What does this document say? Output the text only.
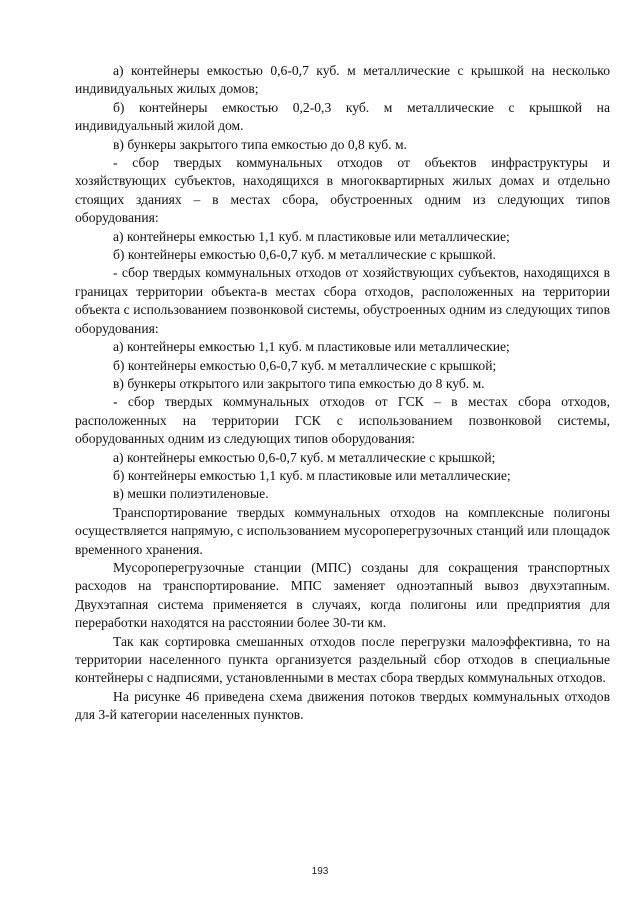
а) контейнеры емкостью 0,6-0,7 куб. м металлические с крышкой на несколько индивидуальных жилых домов;

б) контейнеры емкостью 0,2-0,3 куб. м металлические с крышкой на индивидуальный жилой дом.

в) бункеры закрытого типа емкостью до 0,8 куб. м.

- сбор твердых коммунальных отходов от объектов инфраструктуры и хозяйствующих субъектов, находящихся в многоквартирных жилых домах и отдельно стоящих зданиях – в местах сбора, обустроенных одним из следующих типов оборудования:

а) контейнеры емкостью 1,1 куб. м пластиковые или металлические;

б) контейнеры емкостью 0,6-0,7 куб. м металлические с крышкой.

- сбор твердых коммунальных отходов от хозяйствующих субъектов, находящихся в границах территории объекта-в местах сбора отходов, расположенных на территории объекта с использованием позвонковой системы, обустроенных одним из следующих типов оборудования:

а) контейнеры емкостью 1,1 куб. м пластиковые или металлические;

б) контейнеры емкостью 0,6-0,7 куб. м металлические с крышкой;

в) бункеры открытого или закрытого типа емкостью до 8 куб. м.

- сбор твердых коммунальных отходов от ГСК – в местах сбора отходов, расположенных на территории ГСК с использованием позвонковой системы, оборудованных одним из следующих типов оборудования:

а) контейнеры емкостью 0,6-0,7 куб. м металлические с крышкой;

б) контейнеры емкостью 1,1 куб. м пластиковые или металлические;

в) мешки полиэтиленовые.

Транспортирование твердых коммунальных отходов на комплексные полигоны осуществляется напрямую, с использованием мусороперегрузочных станций или площадок временного хранения.

Мусороперегрузочные станции (МПС) созданы для сокращения транспортных расходов на транспортирование. МПС заменяет одноэтапный вывоз двухэтапным. Двухэтапная система применяется в случаях, когда полигоны или предприятия для переработки находятся на расстоянии более 30-ти км.

Так как сортировка смешанных отходов после перегрузки малоэффективна, то на территории населенного пункта организуется раздельный сбор отходов в специальные контейнеры с надписями, установленными в местах сбора твердых коммунальных отходов.

На рисунке 46 приведена схема движения потоков твердых коммунальных отходов для 3-й категории населенных пунктов.

193
